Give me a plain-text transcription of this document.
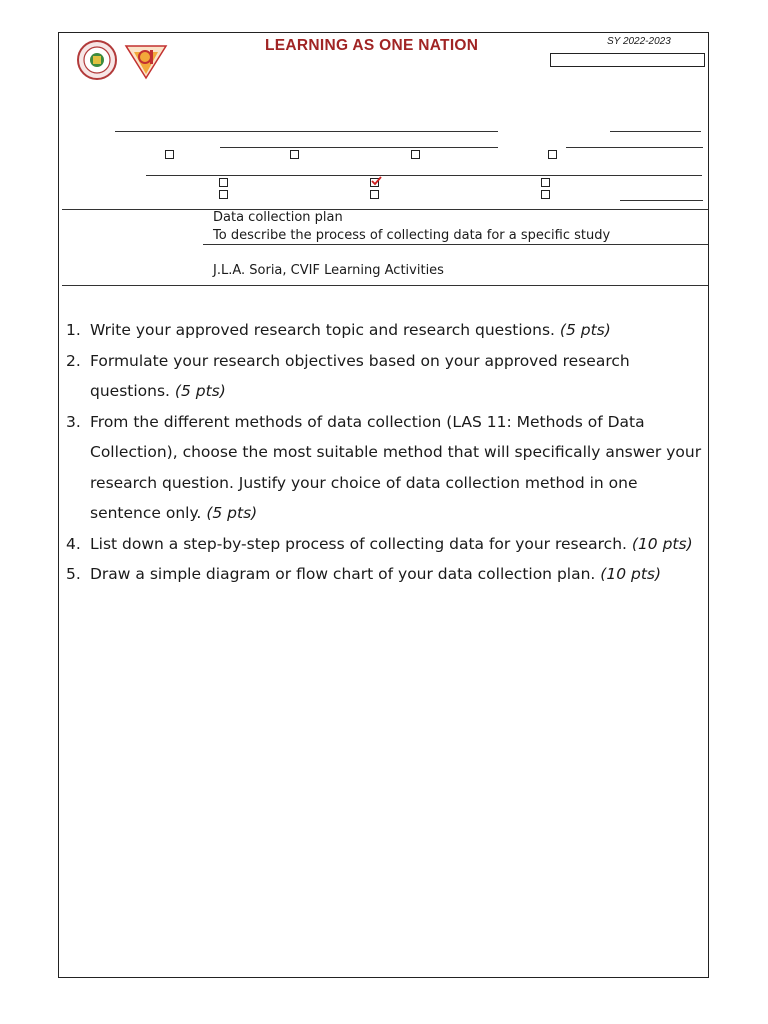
LEARNING AS ONE NATION	SY 2022-2023
Data collection plan
To describe the process of collecting data for a specific study
J.L.A. Soria, CVIF Learning Activities
1. Write your approved research topic and research questions. (5 pts)
2. Formulate your research objectives based on your approved research questions. (5 pts)
3. From the different methods of data collection (LAS 11: Methods of Data Collection), choose the most suitable method that will specifically answer your research question. Justify your choice of data collection method in one sentence only. (5 pts)
4. List down a step-by-step process of collecting data for your research. (10 pts)
5. Draw a simple diagram or flow chart of your data collection plan. (10 pts)
